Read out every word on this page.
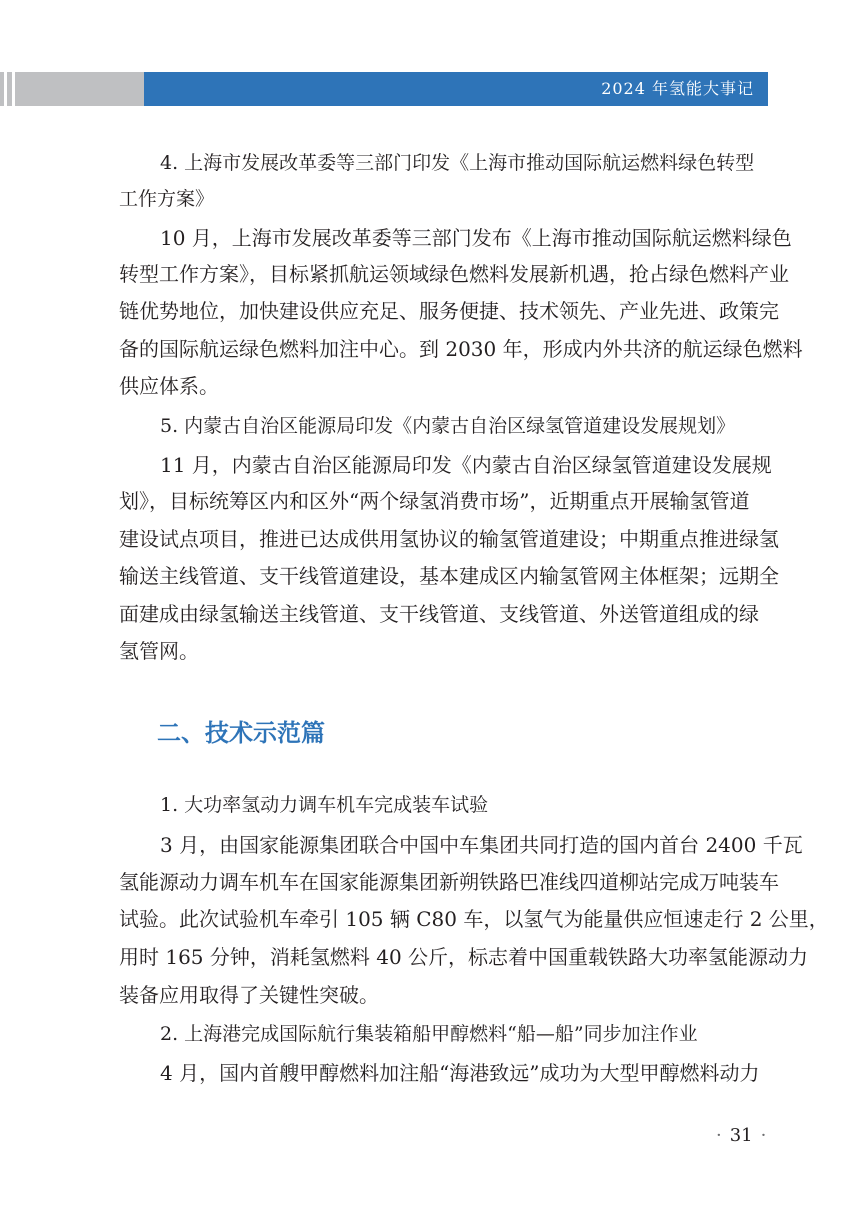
2024 年氢能大事记
4. 上海市发展改革委等三部门印发《上海市推动国际航运燃料绿色转型
工作方案》
10 月，上海市发展改革委等三部门发布《上海市推动国际航运燃料绿色
转型工作方案》，目标紧抓航运领域绿色燃料发展新机遇，抢占绿色燃料产业
链优势地位，加快建设供应充足、服务便捷、技术领先、产业先进、政策完
备的国际航运绿色燃料加注中心。到 2030 年，形成内外共济的航运绿色燃料
供应体系。
5. 内蒙古自治区能源局印发《内蒙古自治区绿氢管道建设发展规划》
11 月，内蒙古自治区能源局印发《内蒙古自治区绿氢管道建设发展规
划》，目标统筹区内和区外“两个绿氢消费市场”，近期重点开展输氢管道
建设试点项目，推进已达成供用氢协议的输氢管道建设；中期重点推进绿氢
输送主线管道、支干线管道建设，基本建成区内输氢管网主体框架；远期全
面建成由绿氢输送主线管道、支干线管道、支线管道、外送管道组成的绿
氢管网。
二、技术示范篇
1. 大功率氢动力调车机车完成装车试验
3 月，由国家能源集团联合中国中车集团共同打造的国内首台 2400 千瓦
氢能源动力调车机车在国家能源集团新朔铁路巴准线四道柳站完成万吨装车
试验。此次试验机车牵引 105 辆 C80 车，以氢气为能量供应恒速走行 2 公里，
用时 165 分钟，消耗氢燃料 40 公斤，标志着中国重载铁路大功率氢能源动力
装备应用取得了关键性突破。
2. 上海港完成国际航行集装箱船甲醇燃料“船—船”同步加注作业
4 月，国内首艘甲醇燃料加注船“海港致远”成功为大型甲醇燃料动力
· 31 ·
